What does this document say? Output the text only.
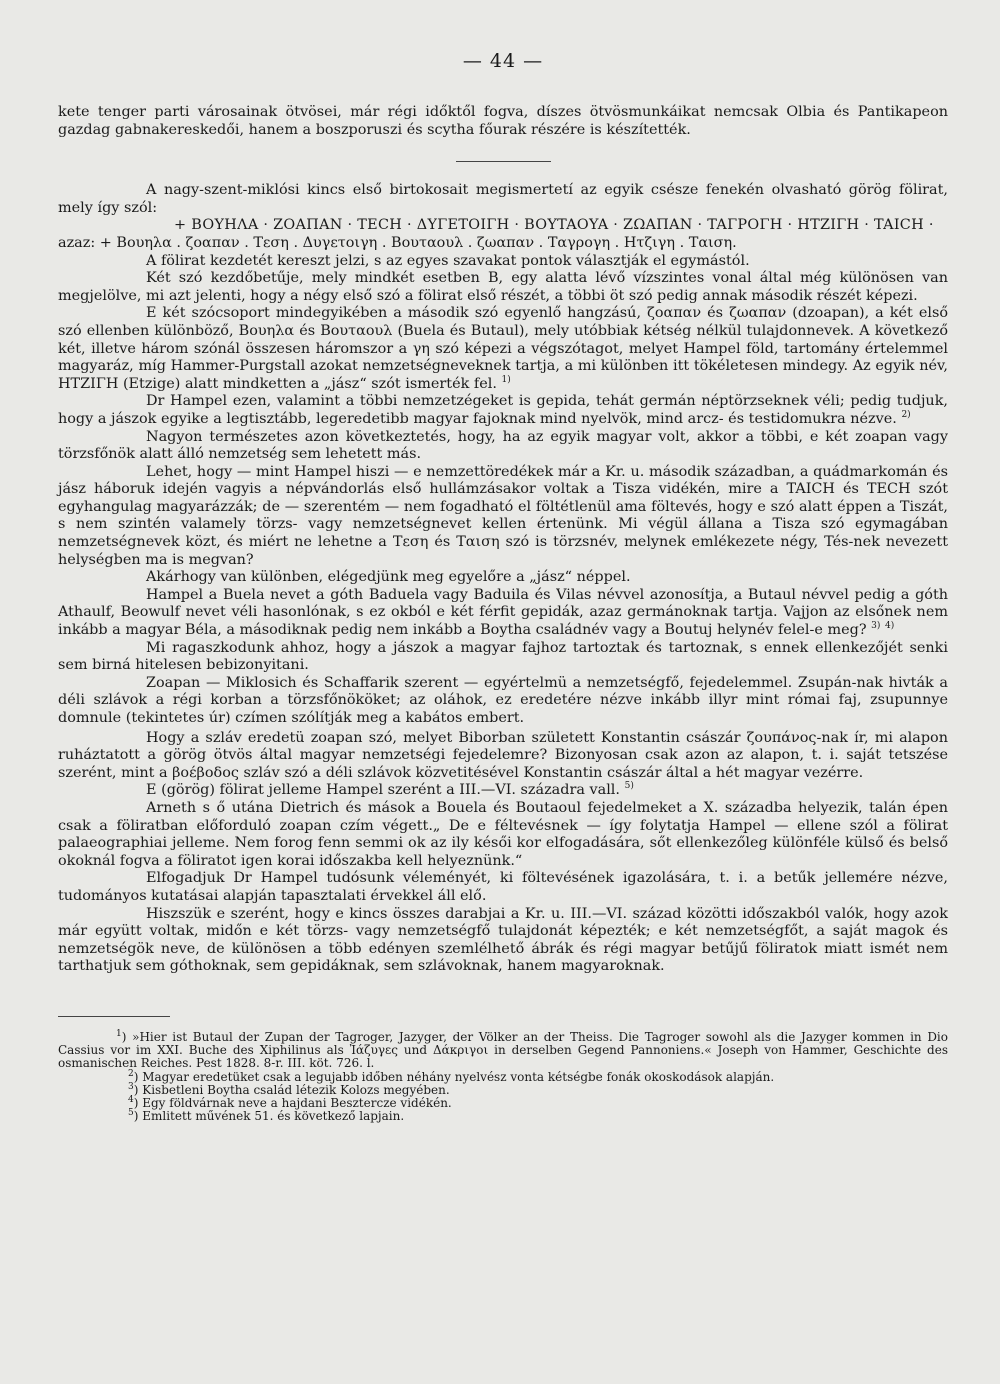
— 44 —

kete tenger parti városainak ötvösei, már régi időktől fogva, díszes ötvösmunkáikat nemcsak Olbia és Pantikapeon gazdag gabnakereskedői, hanem a boszporuszi és scytha főurak részére is készítették.

A nagy-szent-miklósi kincs első birtokosait megismertetí az egyik csésze fenekén olvasható görög fölirat, mely így szól:

+ BOYHΛA · ZOAΠAN · TECH · ΔYΓETOIΓH · BOYTAOYA · ZΩAΠAN · TAΓPOΓH · HTZIΓH · TAICH ·

azaz: + Βουηλα . ζοαπαν . Τεση . Δυγετοιγη . Βουταουλ . ζωαπαν . Ταγρογη . Ητζιγη . Ταιση.

A fölirat kezdetét kereszt jelzi, s az egyes szavakat pontok választják el egymástól.

Két szó kezdőbetűje, mely mindkét esetben B, egy alatta lévő vízszintes vonal által még különösen van megjelölve, mi azt jelenti, hogy a négy első szó a fölirat első részét, a többi öt szó pedig annak második részét képezi.

E két szócsoport mindegyikében a második szó egyenlő hangzású, ζοαπαν és ζωαπαν (dzoapan), a két első szó ellenben különböző, Βουηλα és Βουταουλ (Buela és Butaul), mely utóbbiak kétség nélkül tulajdonnevek. A következő két, illetve három szónál összesen háromszor a γη szó képezi a végszótagot, melyet Hampel föld, tartomány értelemmel magyaráz, míg Hammer-Purgstall azokat nemzetségneveknek tartja, a mi különben itt tökéletesen mindegy. Az egyik név, HTZIΓH (Etzige) alatt mindketten a „jász“ szót ismerték fel. $^{1)}$

Dr Hampel ezen, valamint a többi nemzetzégeket is gepida, tehát germán néptörzseknek véli; pedig tudjuk, hogy a jászok egyike a legtisztább, legeredetibb magyar fajoknak mind nyelvök, mind arcz- és testidomukra nézve. $^{2)}$

Nagyon természetes azon következtetés, hogy, ha az egyik magyar volt, akkor a többi, e két zoapan vagy törzsfőnök alatt álló nemzetség sem lehetett más.

Lehet, hogy — mint Hampel hiszi — e nemzettöredékek már a Kr. u. második században, a quádmarkomán és jász háboruk idején vagyis a népvándorlás első hullámzásakor voltak a Tisza vidékén, mire a TAICH és TECH szót egyhangulag magyarázzák; de — szerentém — nem fogadható el föltétlenül ama föltevés, hogy e szó alatt éppen a Tiszát, s nem szintén valamely törzs- vagy nemzetségnevet kellen értenünk. Mi végül állana a Tisza szó egymagában nemzetségnevek közt, és miért ne lehetne a Τεση és Ταιση szó is törzsnév, melynek emlékezete négy, Tés-nek nevezett helységben ma is megvan?

Akárhogy van különben, elégedjünk meg egyelőre a „jász“ néppel.

Hampel a Buela nevet a góth Baduela vagy Baduila és Vilas névvel azonosítja, a Butaul névvel pedig a góth Athaulf, Beowulf nevet véli hasonlónak, s ez okból e két férfit gepidák, azaz germánoknak tartja. Vajjon az elsőnek nem inkább a magyar Béla, a másodiknak pedig nem inkább a Boytha családnév vagy a Boutuj helynév felel-e meg? $^{3)}$ $^{4)}$

Mi ragaszkodunk ahhoz, hogy a jászok a magyar fajhoz tartoztak és tartoznak, s ennek ellenkezőjét senki sem birná hitelesen bebizonyitani.

Zoapan — Miklosich és Schaffarik szerent — egyértelmü a nemzetségfő, fejedelemmel. Zsupán-nak hivták a déli szlávok a régi korban a törzsfőnököket; az oláhok, ez eredetére nézve inkább illyr mint római faj, zsupunnye domnule (tekintetes úr) czímen szólítják meg a kabátos embert.

Hogy a szláv eredetü zoapan szó, melyet Biborban született Konstantin császár ζουπάνος-nak ír, mi alapon ruháztatott a görög ötvös által magyar nemzetségi fejedelemre? Bizonyosan csak azon az alapon, t. i. saját tetszése szerént, mint a βοέβοδος szláv szó a déli szlávok közvetitésével Konstantin császár által a hét magyar vezérre.

E (görög) fölirat jelleme Hampel szerént a III.—VI. századra vall. $^{5)}$

Arneth s ő utána Dietrich és mások a Bouela és Boutaoul fejedelmeket a X. századba helyezik, talán épen csak a föliratban előforduló zoapan czím végett.„ De e féltevésnek — így folytatja Hampel — ellene szól a fölirat palaeographiai jelleme. Nem forog fenn semmi ok az ily késői kor elfogadására, sőt ellenkezőleg különféle külső és belső okoknál fogva a föliratot igen korai időszakba kell helyeznünk.“

Elfogadjuk Dr Hampel tudósunk véleményét, ki föltevésének igazolására, t. i. a betűk jellemére nézve, tudományos kutatásai alapján tapasztalati érvekkel áll elő.

Hiszszük e szerént, hogy e kincs összes darabjai a Kr. u. III.—VI. század közötti időszakból valók, hogy azok már együtt voltak, midőn e két törzs- vagy nemzetségfő tulajdonát képezték; e két nemzetségfőt, a saját magok és nemzetségök neve, de különösen a több edényen szemlélhető ábrák és régi magyar betűjű föliratok miatt ismét nem tarthatjuk sem góthoknak, sem gepidáknak, sem szlávoknak, hanem magyaroknak.

$^1$) »Hier ist Butaul der Zupan der Tagroger, Jazyger, der Völker an der Theiss. Die Tagroger sowohl als die Jazyger kommen in Dio Cassius vor im XXI. Buche des Xiphilinus als Ἰάζυγες und Δάκριγοι in derselben Gegend Pannoniens.« Joseph von Hammer, Geschichte des osmanischen Reiches. Pest 1828. 8-r. III. köt. 726. l.

$^2$) Magyar eredetüket csak a legujabb időben néhány nyelvész vonta kétségbe fonák okoskodások alapján.

$^3$) Kisbetleni Boytha család létezik Kolozs megyében.

$^4$) Egy földvárnak neve a hajdani Beszterczе vidékén.

$^5$) Emlitett művének 51. és következő lapjain.
